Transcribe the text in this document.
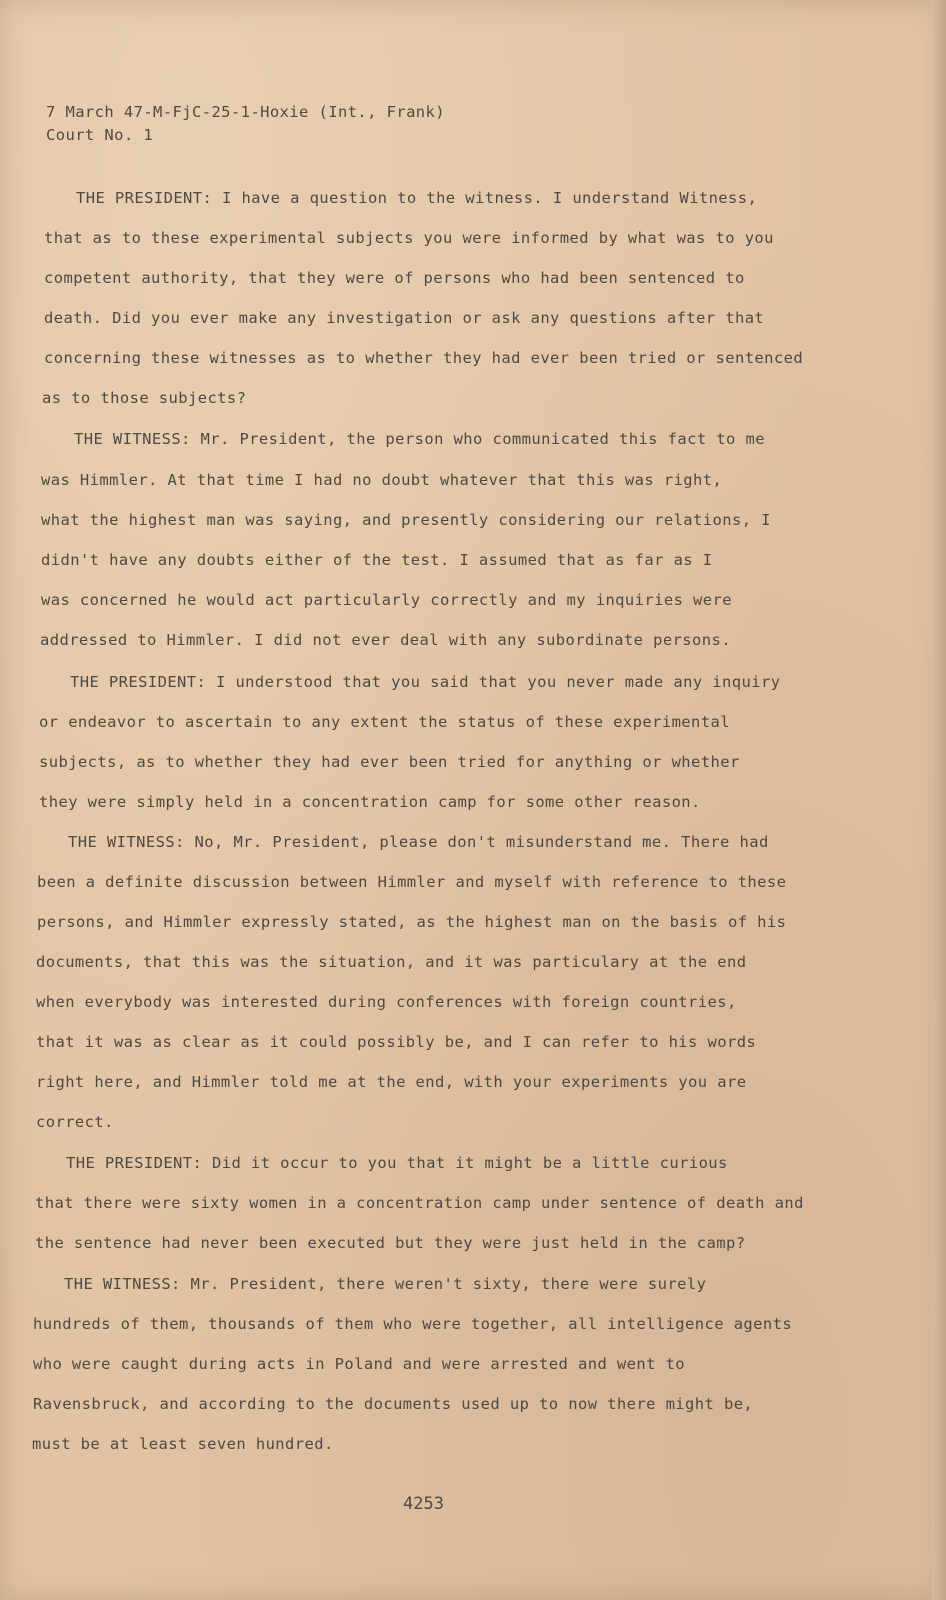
7 March 47-M-FjC-25-1-Hoxie (Int., Frank)
Court No. 1
THE PRESIDENT: I have a question to the witness. I understand Witness,
that as to these experimental subjects you were informed by what was to you
competent authority, that they were of persons who had been sentenced to
death. Did you ever make any investigation or ask any questions after that
concerning these witnesses as to whether they had ever been tried or sentenced
as to those subjects?
THE WITNESS: Mr. President, the person who communicated this fact to me
was Himmler. At that time I had no doubt whatever that this was right,
what the highest man was saying, and presently considering our relations, I
didn't have any doubts either of the test. I assumed that as far as I
was concerned he would act particularly correctly and my inquiries were
addressed to Himmler. I did not ever deal with any subordinate persons.
THE PRESIDENT: I understood that you said that you never made any inquiry
or endeavor to ascertain to any extent the status of these experimental
subjects, as to whether they had ever been tried for anything or whether
they were simply held in a concentration camp for some other reason.
THE WITNESS: No, Mr. President, please don't misunderstand me. There had
been a definite discussion between Himmler and myself with reference to these
persons, and Himmler expressly stated, as the highest man on the basis of his
documents, that this was the situation, and it was particulary at the end
when everybody was interested during conferences with foreign countries,
that it was as clear as it could possibly be, and I can refer to his words
right here, and Himmler told me at the end, with your experiments you are
correct.
THE PRESIDENT: Did it occur to you that it might be a little curious
that there were sixty women in a concentration camp under sentence of death and
the sentence had never been executed but they were just held in the camp?
THE WITNESS: Mr. President, there weren't sixty, there were surely
hundreds of them, thousands of them who were together, all intelligence agents
who were caught during acts in Poland and were arrested and went to
Ravensbruck, and according to the documents used up to now there might be,
must be at least seven hundred.
4253
